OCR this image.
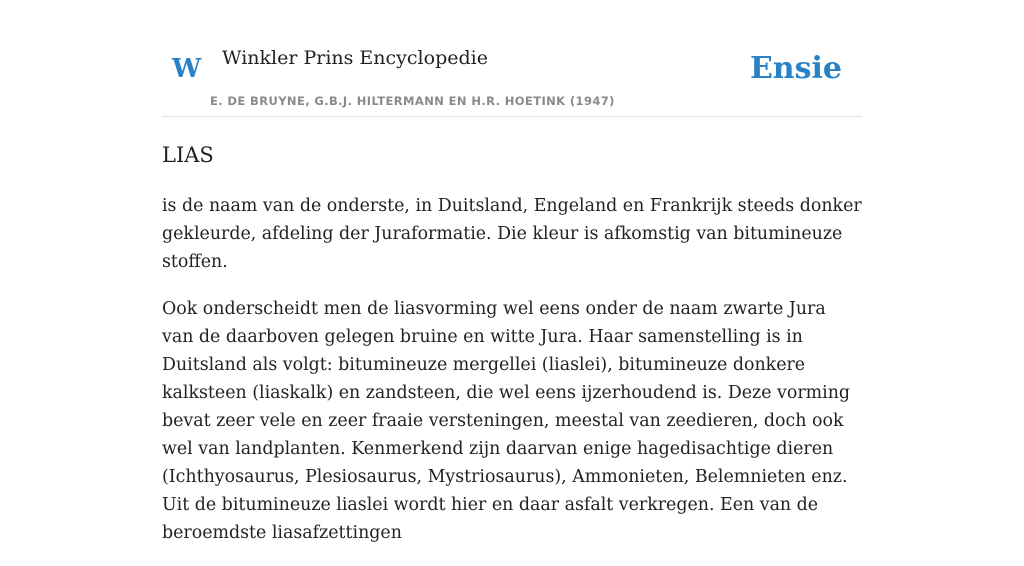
W Winkler Prins Encyclopedie

E. DE BRUYNE, G.B.J. HILTERMANN EN H.R. HOETINK (1947)

Ensie
LIAS

is de naam van de onderste, in Duitsland, Engeland en Frankrijk steeds donker gekleurde, afdeling der Juraformatie. Die kleur is afkomstig van bitumineuze stoffen.

Ook onderscheidt men de liasvorming wel eens onder de naam zwarte Jura van de daarboven gelegen bruine en witte Jura. Haar samenstelling is in Duitsland als volgt: bitumineuze mergellei (liaslei), bitumineuze donkere kalksteen (liaskalk) en zandsteen, die wel eens ijzerhoudend is. Deze vorming bevat zeer vele en zeer fraaie versteningen, meestal van zeedieren, doch ook wel van landplanten. Kenmerkend zijn daarvan enige hagedisachtige dieren (Ichthyosaurus, Plesiosaurus, Mystriosaurus), Ammonieten, Belemnieten enz. Uit de bitumineuze liaslei wordt hier en daar asfalt verkregen. Een van de beroemdste liasafzettingen
